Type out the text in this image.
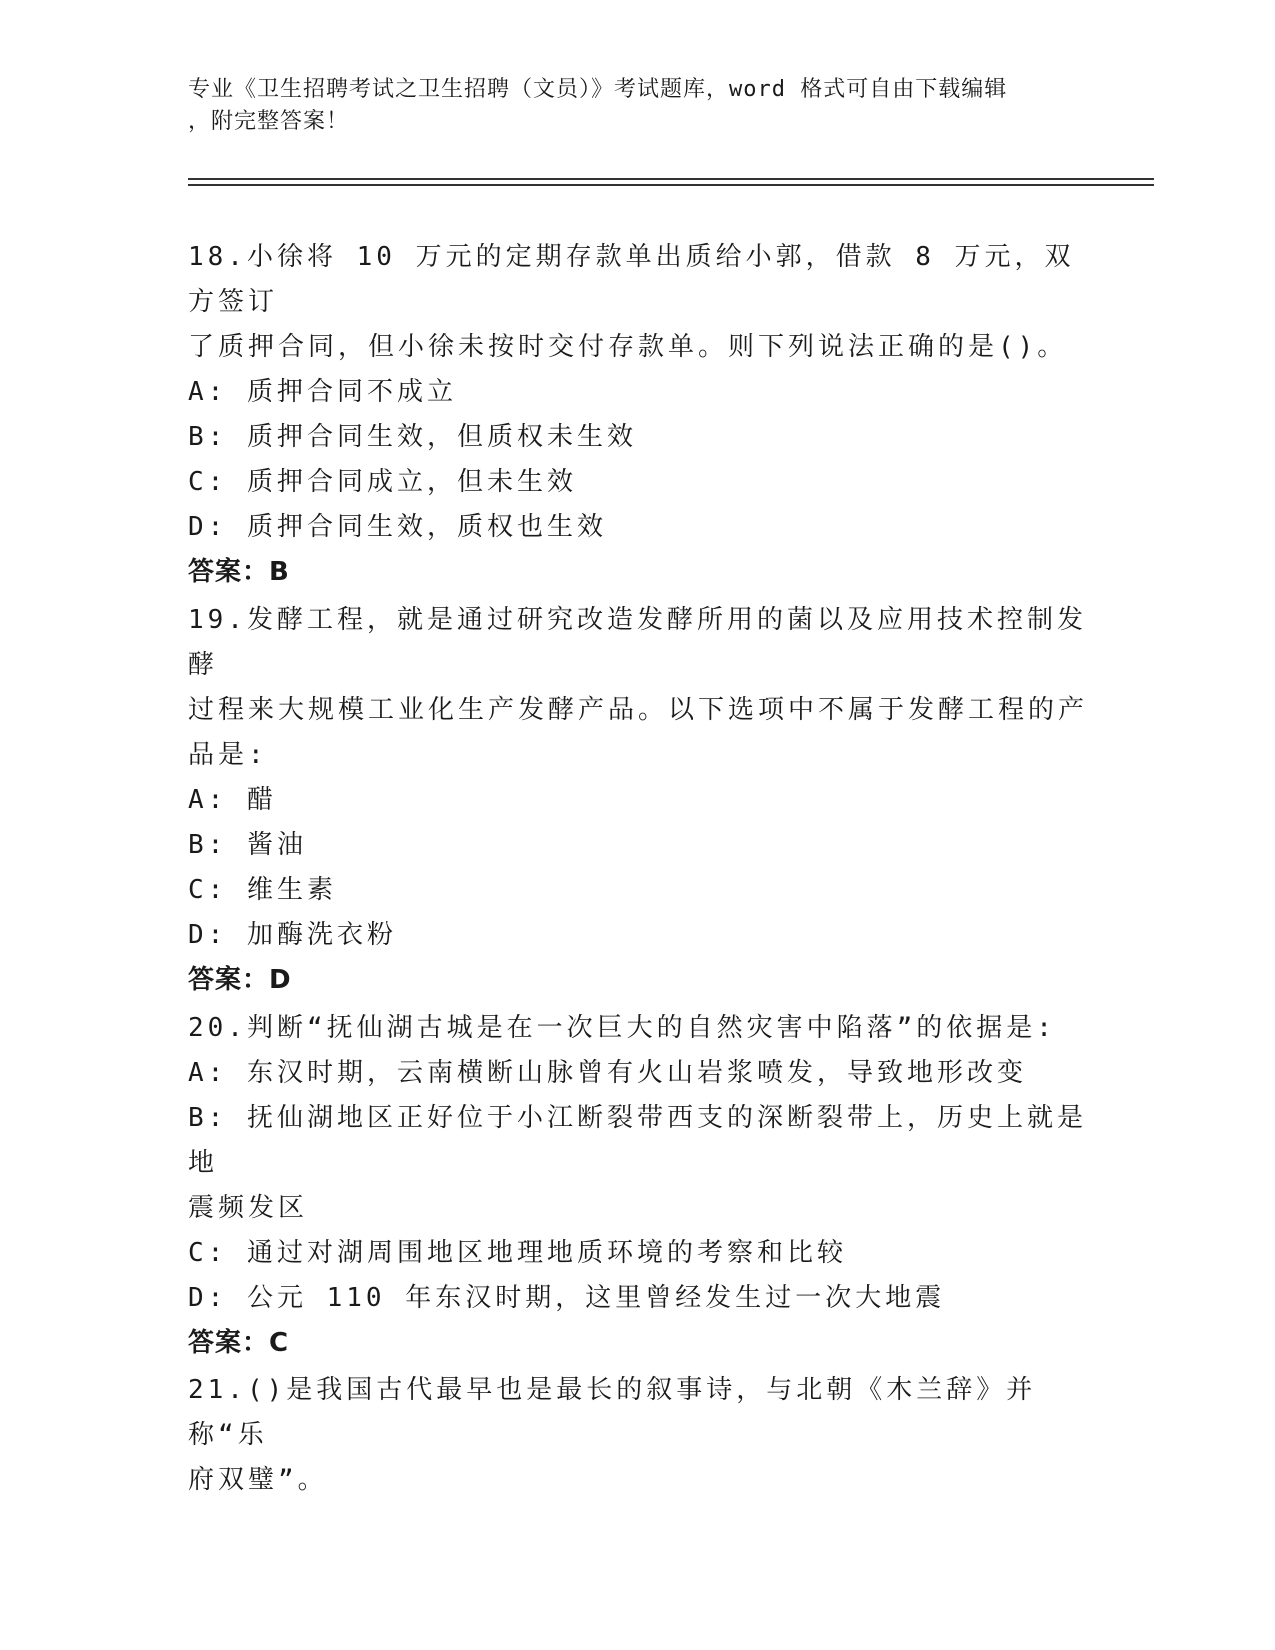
专业《卫生招聘考试之卫生招聘（文员）》考试题库，word 格式可自由下载编辑
，附完整答案！

18.小徐将 10 万元的定期存款单出质给小郭，借款 8 万元，双方签订

了质押合同，但小徐未按时交付存款单。则下列说法正确的是()。

A: 质押合同不成立

B: 质押合同生效，但质权未生效

C: 质押合同成立，但未生效

D: 质押合同生效，质权也生效

答案：B

19.发酵工程，就是通过研究改造发酵所用的菌以及应用技术控制发酵

过程来大规模工业化生产发酵产品。以下选项中不属于发酵工程的产

品是:

A: 醋

B: 酱油

C: 维生素

D: 加酶洗衣粉

答案：D

20.判断“抚仙湖古城是在一次巨大的自然灾害中陷落”的依据是:

A: 东汉时期，云南横断山脉曾有火山岩浆喷发，导致地形改变

B: 抚仙湖地区正好位于小江断裂带西支的深断裂带上，历史上就是地

震频发区

C: 通过对湖周围地区地理地质环境的考察和比较

D: 公元 110 年东汉时期，这里曾经发生过一次大地震

答案：C

21.()是我国古代最早也是最长的叙事诗，与北朝《木兰辞》并称“乐

府双璧”。
